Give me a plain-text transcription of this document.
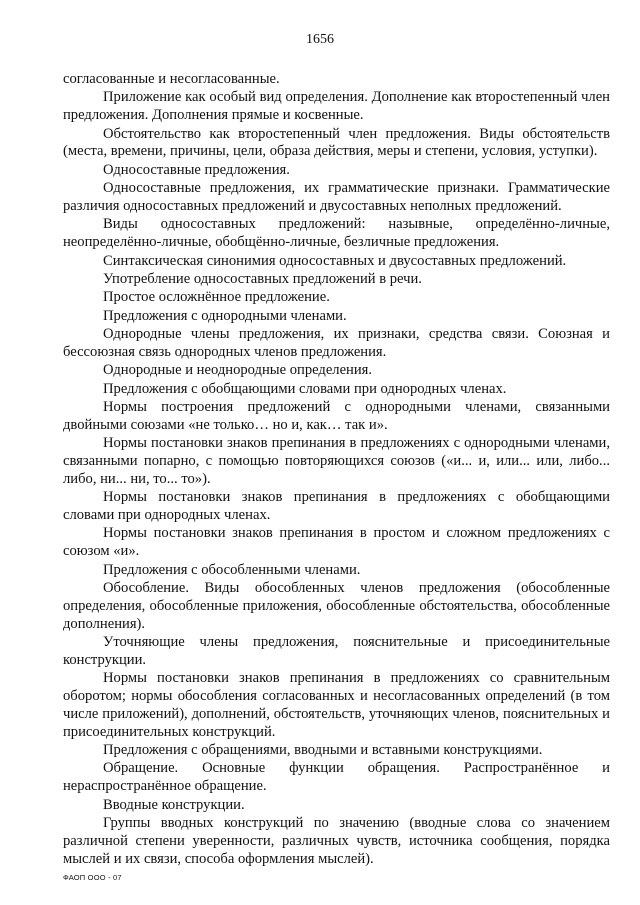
1656

согласованные и несогласованные.

Приложение как особый вид определения. Дополнение как второстепенный член предложения. Дополнения прямые и косвенные.

Обстоятельство как второстепенный член предложения. Виды обстоятельств (места, времени, причины, цели, образа действия, меры и степени, условия, уступки).

Односоставные предложения.

Односоставные предложения, их грамматические признаки. Грамматические различия односоставных предложений и двусоставных неполных предложений.

Виды односоставных предложений: назывные, определённо-личные, неопределённо-личные, обобщённо-личные, безличные предложения.

Синтаксическая синонимия односоставных и двусоставных предложений.

Употребление односоставных предложений в речи.

Простое осложнённое предложение.

Предложения с однородными членами.

Однородные члены предложения, их признаки, средства связи. Союзная и бессоюзная связь однородных членов предложения.

Однородные и неоднородные определения.

Предложения с обобщающими словами при однородных членах.

Нормы построения предложений с однородными членами, связанными двойными союзами «не только… но и, как… так и».

Нормы постановки знаков препинания в предложениях с однородными членами, связанными попарно, с помощью повторяющихся союзов («и... и, или... или, либо... либо, ни... ни, то... то»).

Нормы постановки знаков препинания в предложениях с обобщающими словами при однородных членах.

Нормы постановки знаков препинания в простом и сложном предложениях с союзом «и».

Предложения с обособленными членами.

Обособление. Виды обособленных членов предложения (обособленные определения, обособленные приложения, обособленные обстоятельства, обособленные дополнения).

Уточняющие члены предложения, пояснительные и присоединительные конструкции.

Нормы постановки знаков препинания в предложениях со сравнительным оборотом; нормы обособления согласованных и несогласованных определений (в том числе приложений), дополнений, обстоятельств, уточняющих членов, пояснительных и присоединительных конструкций.

Предложения с обращениями, вводными и вставными конструкциями.

Обращение. Основные функции обращения. Распространённое и нераспространённое обращение.

Вводные конструкции.

Группы вводных конструкций по значению (вводные слова со значением различной степени уверенности, различных чувств, источника сообщения, порядка мыслей и их связи, способа оформления мыслей).

ФАОП ООО - 07
